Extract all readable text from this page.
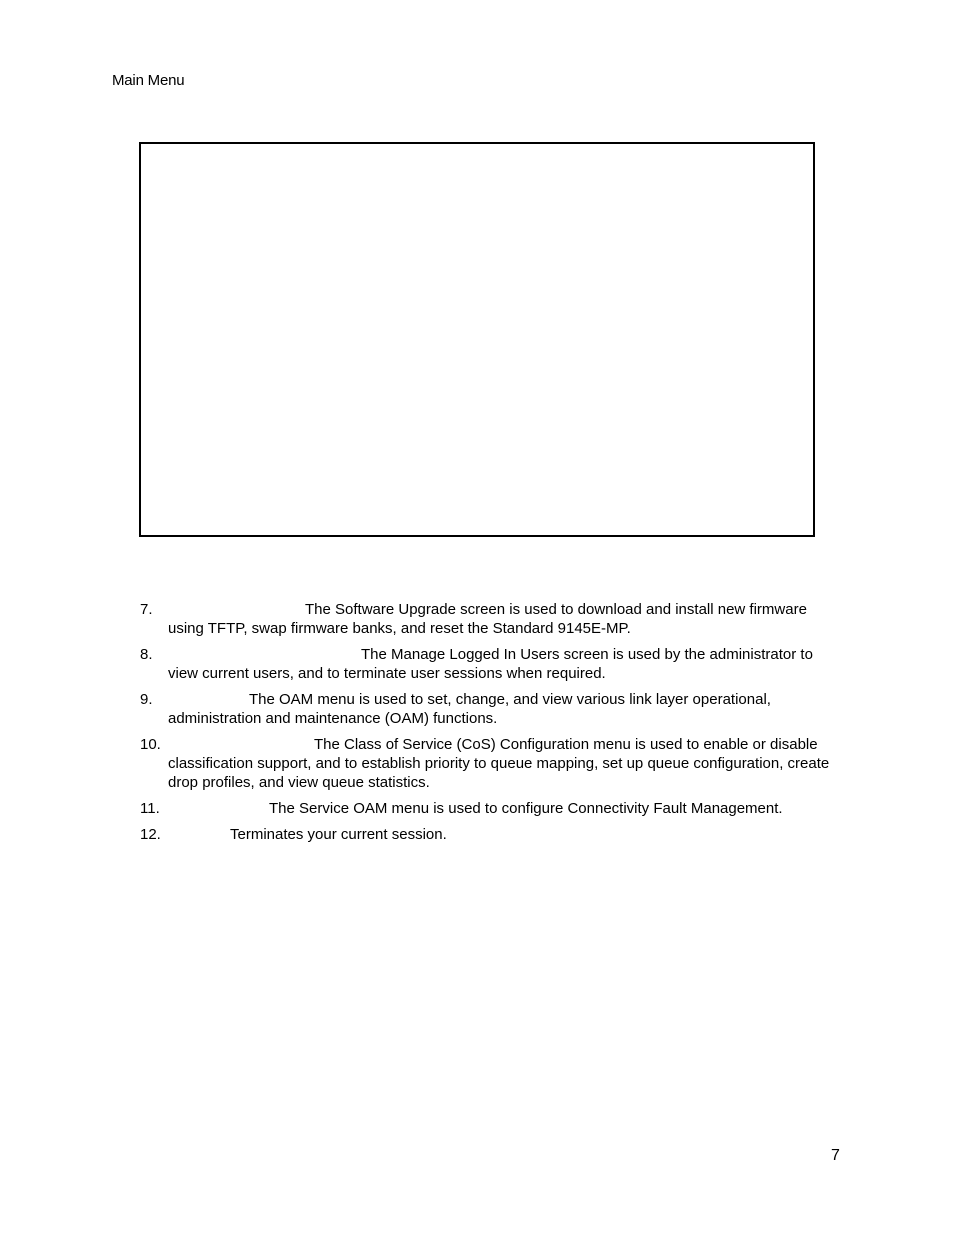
Main Menu
7.	The Software Upgrade screen is used to download and install new firmware using TFTP, swap firmware banks, and reset the Standard 9145E-MP.
8.	The Manage Logged In Users screen is used by the administrator to view current users, and to terminate user sessions when required.
9.	The OAM menu is used to set, change, and view various link layer operational, administration and maintenance (OAM) functions.
10.	The Class of Service (CoS) Configuration menu is used to enable or disable classification support, and to establish priority to queue mapping, set up queue configuration, create drop profiles, and view queue statistics.
11.	The Service OAM menu is used to configure Connectivity Fault Management.
12.	Terminates your current session.
7
